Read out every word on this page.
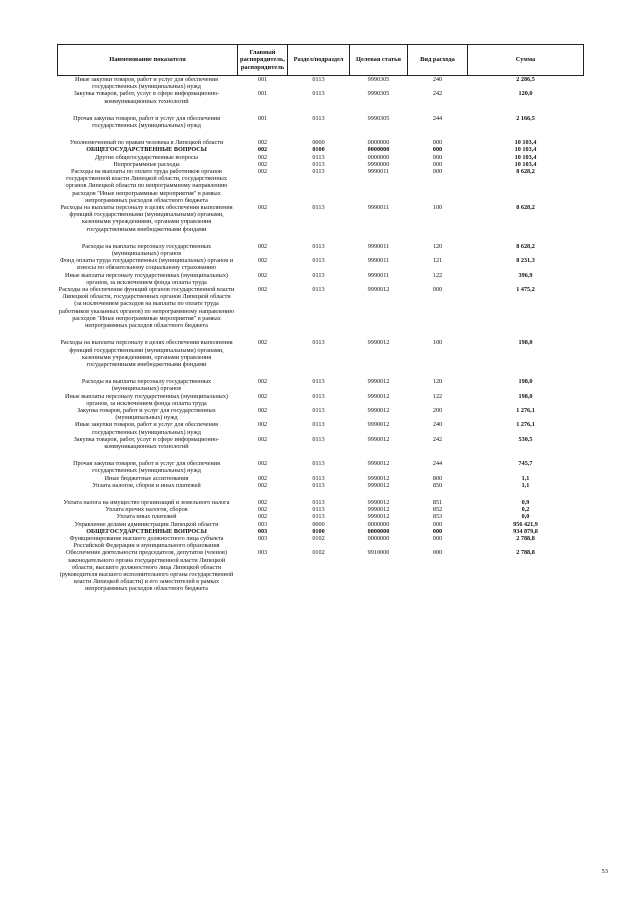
Наименование показателя	Главный распорядитель, распорядитель	Раздел/подраздел	Целевая статья	Вид расхода	Сумма
Иные закупки товаров, работ и услуг для обеспечения государственных (муниципальных) нужд	001	0113	9990305	240	2 286,5
Закупка товаров, работ, услуг в сфере информационно-коммуникационных технологий	001	0113	9990305	242	120,0
Прочая закупка товаров, работ и услуг для обеспечения государственных (муниципальных) нужд	001	0113	9990305	244	2 166,5
Уполномоченный по правам человека в Липецкой области	002	0000	0000000	000	10 103,4
ОБЩЕГОСУДАРСТВЕННЫЕ ВОПРОСЫ	002	0100	0000000	000	10 103,4
Другие общегосударственные вопросы	002	0113	0000000	000	10 103,4
Непрограммные расходы	002	0113	9990000	000	10 103,4
Расходы на выплаты по оплате труда работников органов государственной власти Липецкой области, государственных органов Липецкой области по непрограммному направлению расходов "Иные непрограммные мероприятия" в рамках непрограммных расходов областного бюджета	002	0113	9990011	000	8 628,2
Расходы на выплаты персоналу в целях обеспечения выполнения функций государственными (муниципальными) органами, казенными учреждениями, органами управления государственными внебюджетными фондами	002	0113	9990011	100	8 628,2
Расходы на выплаты персоналу государственных (муниципальных) органов	002	0113	9990011	120	8 628,2
Фонд оплаты труда государственных (муниципальных) органов и взносы по обязательному социальному страхованию	002	0113	9990011	121	8 231,3
Иные выплаты персоналу государственных (муниципальных) органов, за исключением фонда оплаты труда	002	0113	9990011	122	396,9
Расходы на обеспечение функций органов государственной власти Липецкой области, государственных органов Липецкой области (за исключением расходов на выплаты по оплате труда работников указанных органов) по непрограммному направлению расходов "Иные непрограммные мероприятия" в рамках непрограммных расходов областного бюджета	002	0113	9990012	000	1 475,2
Расходы на выплаты персоналу в целях обеспечения выполнения функций государственными (муниципальными) органами, казенными учреждениями, органами управления государственными внебюджетными фондами	002	0113	9990012	100	198,0
Расходы на выплаты персоналу государственных (муниципальных) органов	002	0113	9990012	120	198,0
Иные выплаты персоналу государственных (муниципальных) органов, за исключением фонда оплаты труда	002	0113	9990012	122	198,0
Закупка товаров, работ и услуг для государственных (муниципальных) нужд	002	0113	9990012	200	1 276,1
Иные закупки товаров, работ и услуг для обеспечения государственных (муниципальных) нужд	002	0113	9990012	240	1 276,1
Закупка товаров, работ, услуг в сфере информационно-коммуникационных технологий	002	0113	9990012	242	530,5
Прочая закупка товаров, работ и услуг для обеспечения государственных (муниципальных) нужд	002	0113	9990012	244	745,7
Иные бюджетные ассигнования	002	0113	9990012	800	1,1
Уплата налогов, сборов и иных платежей	002	0113	9990012	850	1,1
Уплата налога на имущество организаций и земельного налога	002	0113	9990012	851	0,9
Уплата прочих налогов, сборов	002	0113	9990012	852	0,2
Уплата иных платежей	002	0113	9990012	853	0,0
Управление делами администрации Липецкой области	003	0000	0000000	000	956 421,9
ОБЩЕГОСУДАРСТВЕННЫЕ ВОПРОСЫ	003	0100	0000000	000	934 879,8
Функционирование высшего должностного лица субъекта Российской Федерации и муниципального образования	003	0102	0000000	000	2 788,8
Обеспечение деятельности председателя, депутатов (членов) законодательного органа государственной власти Липецкой области, высшего должностного лица Липецкой области (руководителя высшего исполнительного органа государственной власти Липецкой области) и его заместителей в рамках непрограммных расходов областного бюджета	003	0102	9910000	000	2 788,8
53
